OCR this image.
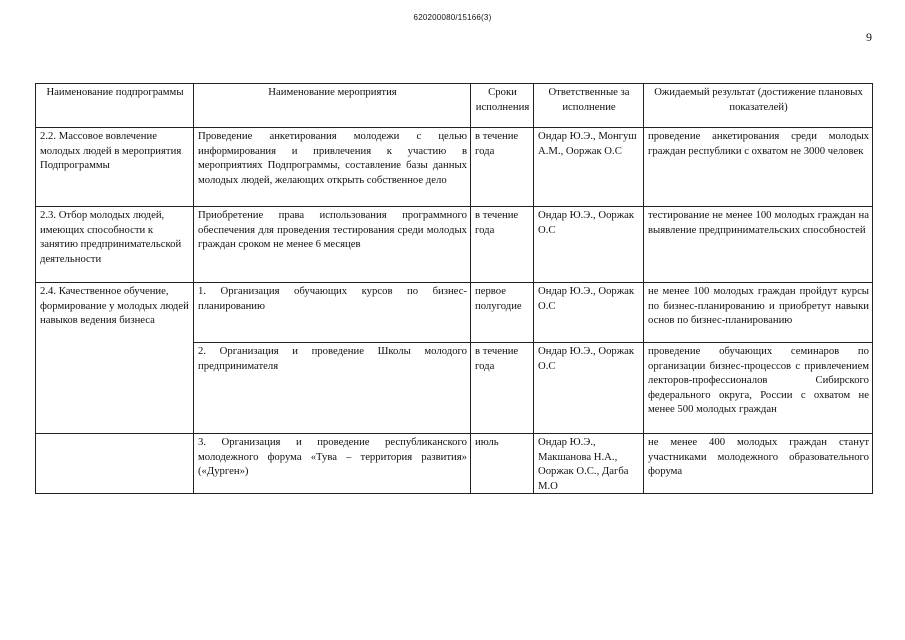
620200080/15166(3)
9
Наименование подпрограммы	Наименование мероприятия	Сроки исполнения	Ответственные за исполнение	Ожидаемый результат (достижение плановых показателей)
2.2. Массовое вовлечение молодых людей в мероприятия Подпрограммы	Проведение анкетирования молодежи с целью информирования и привлечения к участию в мероприятиях Подпрограммы, составление базы данных молодых людей, желающих открыть собственное дело	в течение года	Ондар Ю.Э., Монгуш А.М., Ооржак О.С	проведение анкетирования среди молодых граждан республики с охватом не 3000 человек
2.3. Отбор молодых людей, имеющих способности к занятию предпринимательской деятельности	Приобретение права использования программного обеспечения для проведения тестирования среди молодых граждан сроком не менее 6 месяцев	в течение года	Ондар Ю.Э., Ооржак О.С	тестирование не менее 100 молодых граждан на выявление предпринимательских способностей
2.4. Качественное обучение, формирование у молодых людей навыков ведения бизнеса	1. Организация обучающих курсов по бизнес-планированию	первое полугодие	Ондар Ю.Э., Ооржак О.С	не менее 100 молодых граждан пройдут курсы по бизнес-планированию и приобретут навыки основ по бизнес-планированию
	2. Организация и проведение Школы молодого предпринимателя	в течение года	Ондар Ю.Э., Ооржак О.С	проведение обучающих семинаров по организации бизнес-процессов с привлечением лекторов-профессионалов Сибирского федерального округа, России с охватом не менее 500 молодых граждан
	3. Организация и проведение республиканского молодежного форума «Тува – территория развития» («Дурген»)	июль	Ондар Ю.Э., Макшанова Н.А., Ооржак О.С., Дагба М.О	не менее 400 молодых граждан станут участниками молодежного образовательного форума
